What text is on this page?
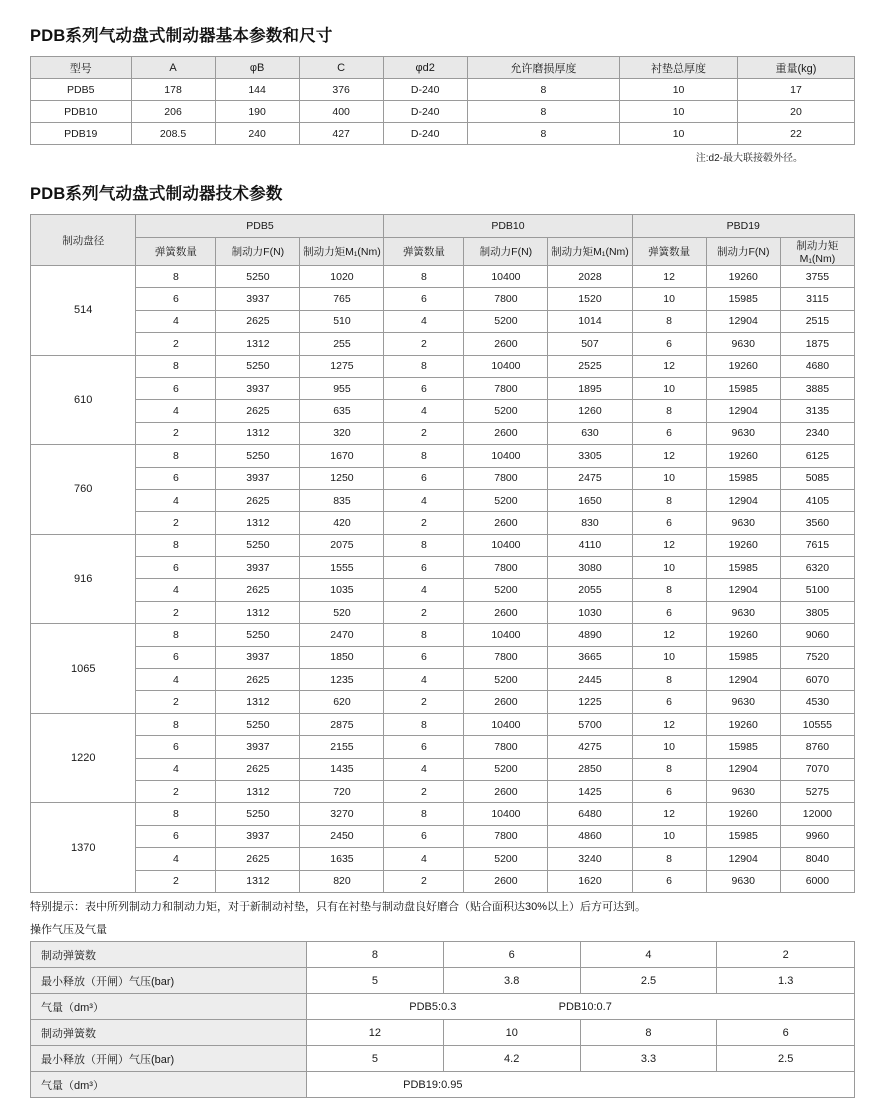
PDB系列气动盘式制动器基本参数和尺寸
型号	A	φB	C	φd2	允许磨损厚度	衬垫总厚度	重量(kg)
PDB5	178	144	376	D-240	8	10	17
PDB10	206	190	400	D-240	8	10	20
PDB19	208.5	240	427	D-240	8	10	22
注:d2-最大联接毂外径。
PDB系列气动盘式制动器技术参数
制动盘径	PDB5			PDB10			PBD19		
	弹簧数量	制动力F(N)	制动力矩M₁(Nm)	弹簧数量	制动力F(N)	制动力矩M₁(Nm)	弹簧数量	制动力F(N)	制动力矩M₁(Nm)
514	8	5250	1020	8	10400	2028	12	19260	3755
	6	3937	765	6	7800	1520	10	15985	3115
	4	2625	510	4	5200	1014	8	12904	2515
	2	1312	255	2	2600	507	6	9630	1875
610	8	5250	1275	8	10400	2525	12	19260	4680
	6	3937	955	6	7800	1895	10	15985	3885
	4	2625	635	4	5200	1260	8	12904	3135
	2	1312	320	2	2600	630	6	9630	2340
760	8	5250	1670	8	10400	3305	12	19260	6125
	6	3937	1250	6	7800	2475	10	15985	5085
	4	2625	835	4	5200	1650	8	12904	4105
	2	1312	420	2	2600	830	6	9630	3560
916	8	5250	2075	8	10400	4110	12	19260	7615
	6	3937	1555	6	7800	3080	10	15985	6320
	4	2625	1035	4	5200	2055	8	12904	5100
	2	1312	520	2	2600	1030	6	9630	3805
1065	8	5250	2470	8	10400	4890	12	19260	9060
	6	3937	1850	6	7800	3665	10	15985	7520
	4	2625	1235	4	5200	2445	8	12904	6070
	2	1312	620	2	2600	1225	6	9630	4530
1220	8	5250	2875	8	10400	5700	12	19260	10555
	6	3937	2155	6	7800	4275	10	15985	8760
	4	2625	1435	4	5200	2850	8	12904	7070
	2	1312	720	2	2600	1425	6	9630	5275
1370	8	5250	3270	8	10400	6480	12	19260	12000
	6	3937	2450	6	7800	4860	10	15985	9960
	4	2625	1635	4	5200	3240	8	12904	8040
	2	1312	820	2	2600	1620	6	9630	6000
特别提示：表中所列制动力和制动力矩，对于新制动衬垫，只有在衬垫与制动盘良好磨合（贴合面积达30%以上）后方可达到。
操作气压及气量
制动弹簧数	8	6	4	2
最小释放（开闸）气压(bar)	5	3.8	2.5	1.3
气量（dm³）	PDB5:0.3 PDB10:0.7			

制动弹簧数	12	10	8	6
最小释放（开闸）气压(bar)	5	4.2	3.3	2.5
气量（dm³）	PDB19:0.95			
